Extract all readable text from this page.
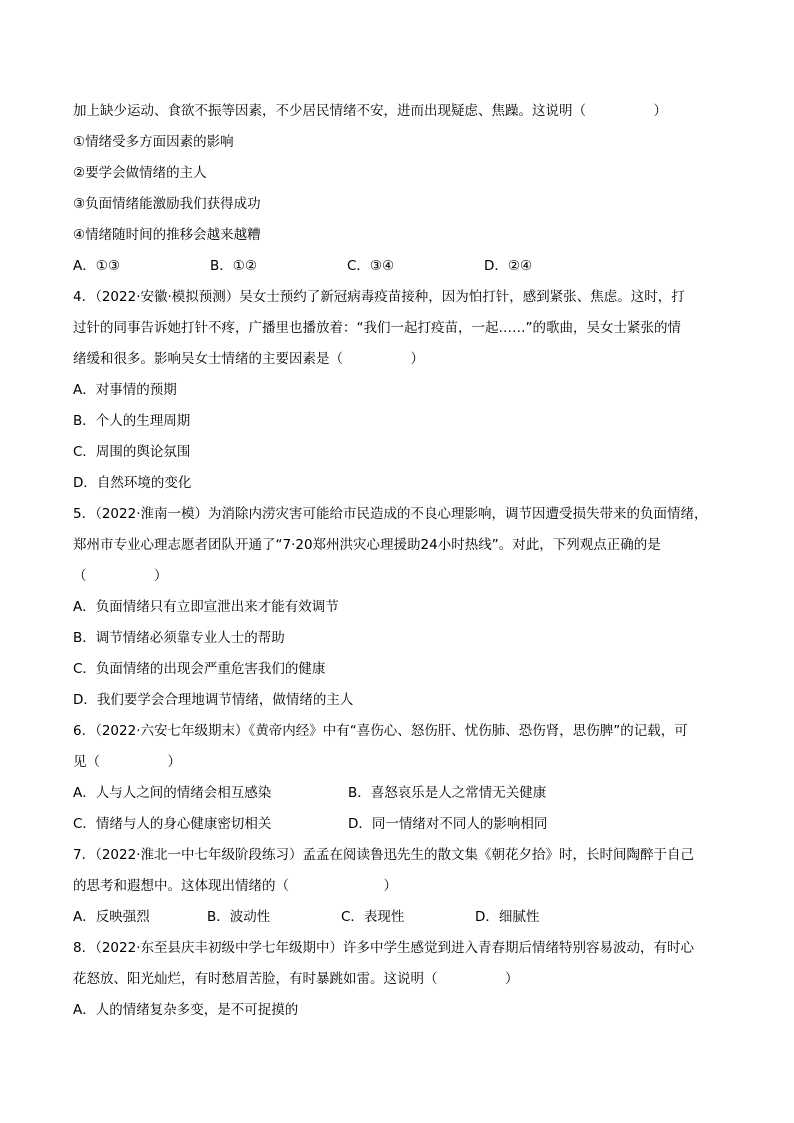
加上缺少运动、食欲不振等因素，不少居民情绪不安，进而出现疑虑、焦躁。这说明（　　　　　）
①情绪受多方面因素的影响
②要学会做情绪的主人
③负面情绪能激励我们获得成功
④情绪随时间的推移会越来越糟
A．①③	B．①②	C．③④	D．②④
4．（2022·安徽·模拟预测）吴女士预约了新冠病毒疫苗接种，因为怕打针，感到紧张、焦虑。这时，打
过针的同事告诉她打针不疼，广播里也播放着：“我们一起打疫苗，一起……”的歌曲，吴女士紧张的情
绪缓和很多。影响吴女士情绪的主要因素是（　　　　　）
A．对事情的预期
B．个人的生理周期
C．周围的舆论氛围
D．自然环境的变化
5．（2022·淮南一模）为消除内涝灾害可能给市民造成的不良心理影响，调节因遭受损失带来的负面情绪，
郑州市专业心理志愿者团队开通了“7·20郑州洪灾心理援助24小时热线”。对此，下列观点正确的是
（　　　　　）
A．负面情绪只有立即宣泄出来才能有效调节
B．调节情绪必须靠专业人士的帮助
C．负面情绪的出现会严重危害我们的健康
D．我们要学会合理地调节情绪，做情绪的主人
6．（2022·六安七年级期末）《黄帝内经》中有“喜伤心、怒伤肝、忧伤肺、恐伤肾，思伤脾”的记载，可
见（　　　　　）
A．人与人之间的情绪会相互感染	B．喜怒哀乐是人之常情无关健康
C．情绪与人的身心健康密切相关	D．同一情绪对不同人的影响相同
7．（2022·淮北一中七年级阶段练习）孟孟在阅读鲁迅先生的散文集《朝花夕拾》时，长时间陶醉于自己
的思考和遐想中。这体现出情绪的（　　　　　　　）
A．反映强烈	B．波动性	C．表现性	D．细腻性
8．（2022·东至县庆丰初级中学七年级期中）许多中学生感觉到进入青春期后情绪特别容易波动，有时心
花怒放、阳光灿烂，有时愁眉苦脸，有时暴跳如雷。这说明（　　　　　）
A．人的情绪复杂多变，是不可捉摸的
